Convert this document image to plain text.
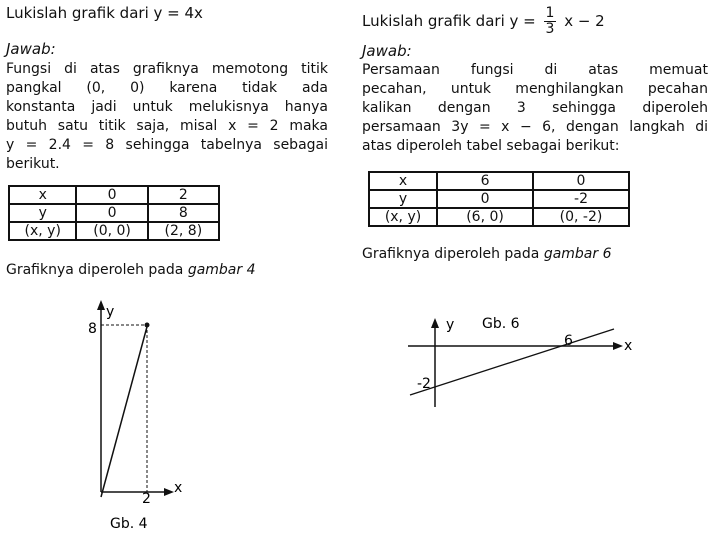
Lukislah grafik dari y = 4x
Jawab:
Fungsi di atas grafiknya memotong titik
pangkal (0, 0) karena tidak ada
konstanta jadi untuk melukisnya hanya
butuh satu titik saja, misal x = 2 maka
y = 2.4 = 8 sehingga tabelnya sebagai
berikut.
x	0	2
y	0	8
(x, y)	(0, 0)	(2, 8)
Grafiknya diperoleh pada gambar 4
y
8
2
x
Gb. 4
y Gb. 6
6	x
-2
Lukislah grafik dari $y = \frac{1}{3}$ x − 2
Jawab:
Persamaan fungsi di atas memuat
pecahan, untuk menghilangkan pecahan
kalikan dengan 3 sehingga diperoleh
persamaan 3y = x − 6, dengan langkah di
atas diperoleh tabel sebagai berikut:
x	6	0
y	0	-2
(x, y)	(6, 0)	(0, -2)
Grafiknya diperoleh pada gambar 6
